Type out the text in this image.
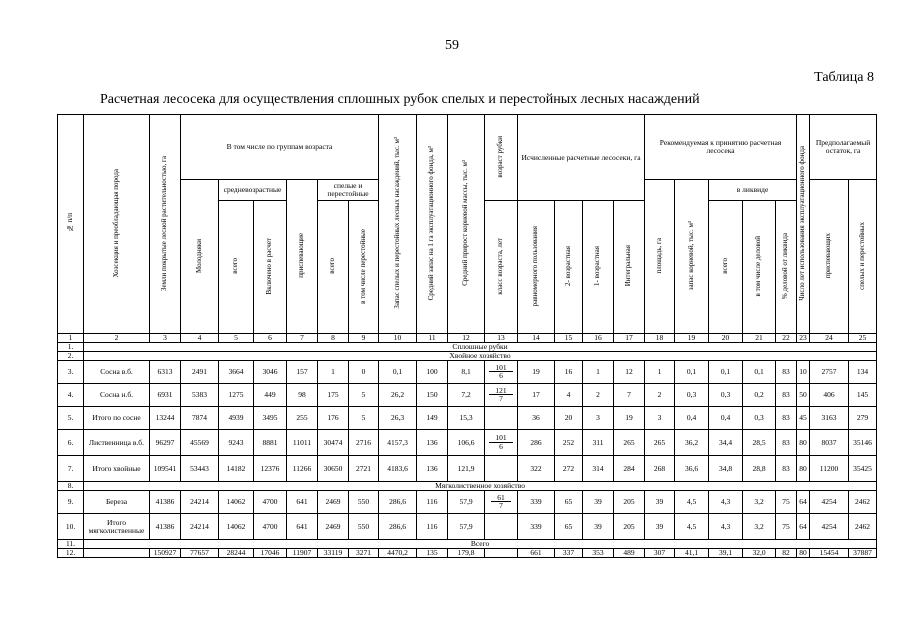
59
Таблица 8
Расчетная лесосека для осуществления сплошных рубок спелых и перестойных лесных насаждений
№ п/п	Хозсекция и преобладающая порода	Земли покрытые лесной растительностью, га	В том числе по группам возраста						Запас спелых и перестойных лесных насаждений, тыс. м³	Средний запас на 1 га эксплуатационного фонда, м³	Средний прирост корневой массы, тыс. м³	возраст рубки	Исчисленные расчетные лесосеки, га				Рекомендуемая к принятию расчетная лесосека					Число лет использования эксплуатационного фонда	Предполагаемый остаток, га	
			Молодняки	средневозрастные		приспевающие	спелые и перестойные										площадь, га	запас корневой, тыс. м³	в ликвиде				приспевающих	спелых и перестойных
				всего	Включено в расчет		всего	в том числе перестойные				класс возраста, лет	равномерного пользования	2- возрастная	1- возрастная	Интегральная			всего	в том числе деловой	% деловой от ликвида			
1	2	3	4	5	6	7	8	9	10	11	12	13	14	15	16	17	18	19	20	21	22	23	24	25
1.	Сплошные рубки																							
2.	Хвойное хозяйство																							
3.	Сосна в.б.	6313	2491	3664	3046	157	1	0	0,1	100	8,1	$\frac{101}{6}$	19	16	1	12	1	0,1	0,1	0,1	83	10	2757	134
4.	Сосна н.б.	6931	5383	1275	449	98	175	5	26,2	150	7,2	$\frac{121}{7}$	17	4	2	7	2	0,3	0,3	0,2	83	50	406	145
5.	Итого по сосне	13244	7874	4939	3495	255	176	5	26,3	149	15,3		36	20	3	19	3	0,4	0,4	0,3	83	45	3163	279
6.	Лиственница в.б.	96297	45569	9243	8881	11011	30474	2716	4157,3	136	106,6	$\frac{101}{6}$	286	252	311	265	265	36,2	34,4	28,5	83	80	8037	35146
7.	Итого хвойные	109541	53443	14182	12376	11266	30650	2721	4183,6	136	121,9		322	272	314	284	268	36,6	34,8	28,8	83	80	11200	35425
8.	Мягколиственное хозяйство																							
9.	Береза	41386	24214	14062	4700	641	2469	550	286,6	116	57,9	$\frac{61}{7}$	339	65	39	205	39	4,5	4,3	3,2	75	64	4254	2462
10.	Итого мягколиственные	41386	24214	14062	4700	641	2469	550	286,6	116	57,9		339	65	39	205	39	4,5	4,3	3,2	75	64	4254	2462
11.	Всего																							
12.		150927	77657	28244	17046	11907	33119	3271	4470,2	135	179,8		661	337	353	489	307	41,1	39,1	32,0	82	80	15454	37887
